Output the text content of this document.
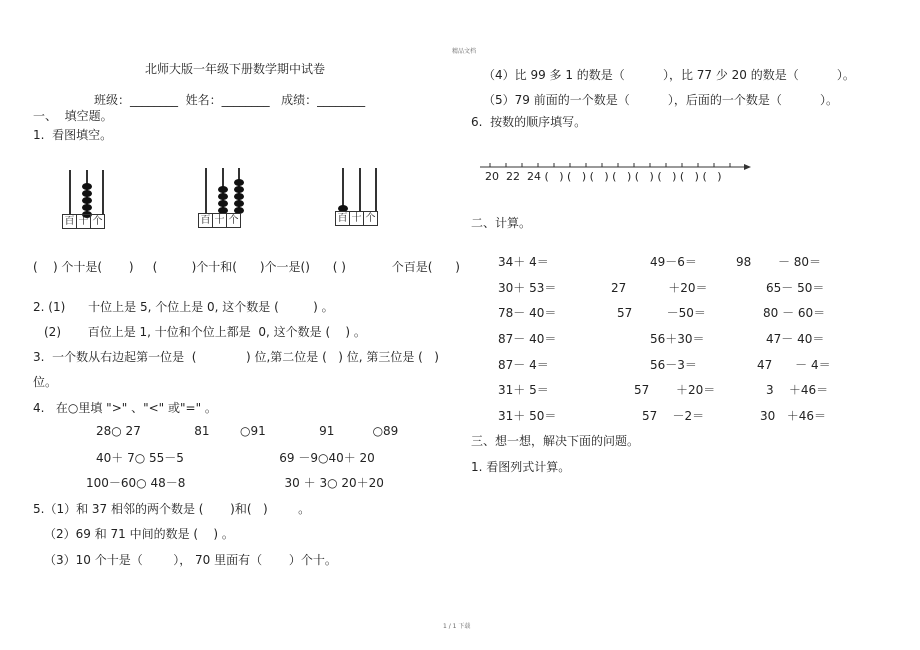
精品文档
1 / 1 下载
北师大版一年级下册数学期中试卷
班级：________  姓名：________   成绩：________
一、  填空题。
1.  看图填空。
百 十 个	百 十 个	百 十 个
(    ) 个十是(       )     (         )个十和(      )个一是()      ( )            个百是(      )
2. (1)      十位上是 5, 个位上是 0, 这个数是 (         ) 。
(2)       百位上是 1, 十位和个位上都是  0, 这个数是 (    ) 。
3.  一个数从右边起第一位是  (             ) 位,第二位是 (   ) 位, 第三位是 (   )
位。
4.   在○里填 ">" 、"<" 或"=" 。
28○ 27              81        ○91              91          ○89
40＋ 7○ 55－5                         69 －9○40＋ 20
100－60○ 48－8                          30 ＋ 3○ 20＋20
5.（1）和 37 相邻的两个数是 (       )和(   )        。
（2）69 和 71 中间的数是 (    ) 。
（3）10 个十是（        ）， 70 里面有（       ）个十。
（4）比 99 多 1 的数是（          ），比 77 少 20 的数是（          ）。
（5）79 前面的一个数是（          ），后面的一个数是（          ）。
6.  按数的顺序填写。
20  22  24 (   ) (   ) (   ) (   ) (   ) (   ) (   ) (   )
二、计算。
34＋ 4＝	49－6＝	98       － 80＝
30＋ 53＝	27           ＋20＝	65－ 50＝
78－ 40＝	57         －50＝	80 － 60＝
87－ 40＝	56＋30＝	47－ 40＝
87－ 4＝	56－3＝	47      － 4＝
31＋ 5＝	57       ＋20＝	3    ＋46＝
31＋ 50＝	57    －2＝	30   ＋46＝
三、想一想，解决下面的问题。
1. 看图列式计算。
